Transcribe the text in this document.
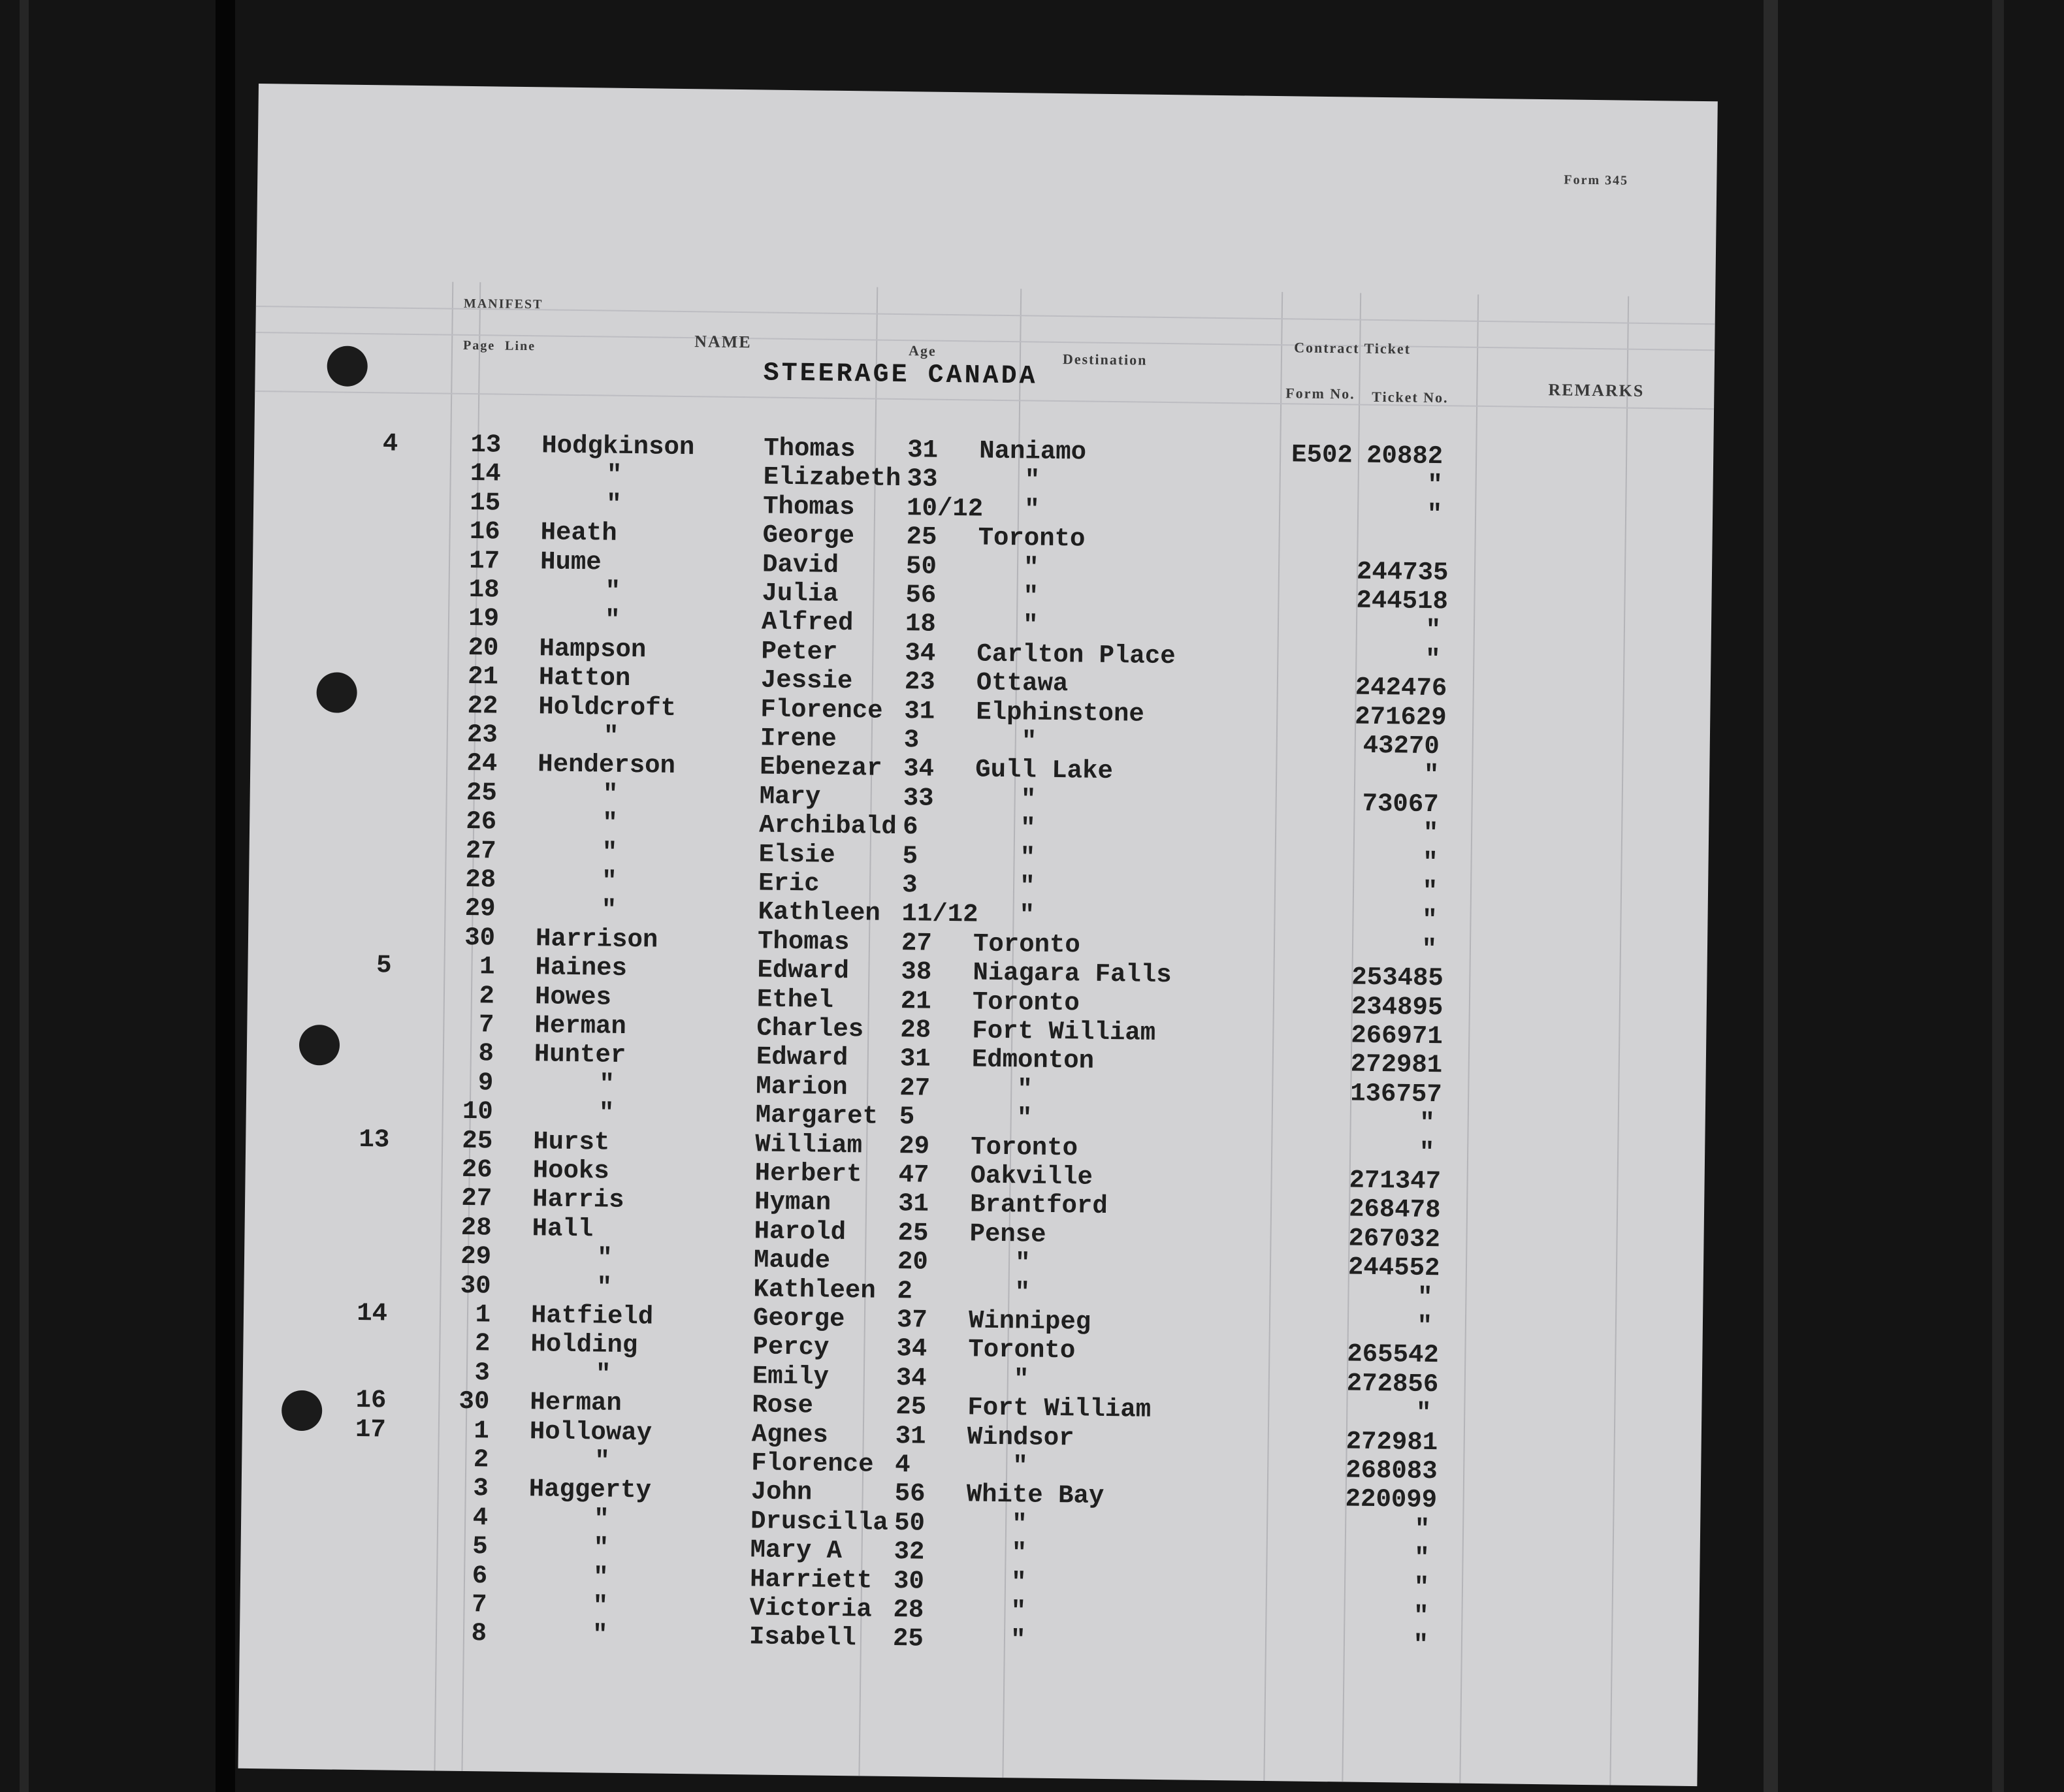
Form 345
MANIFEST
Page Line	NAME	Age
Destination
Contract Ticket
Form No. Ticket No.	REMARKS
STEERAGE CANADA
4	13 Hodgkinson	Thomas 31 Naniamo	E502 20882
14	"	Elizabeth 33	"	"
15	"	Thomas 10/12 "	"
16 Heath	George 25 Toronto
17 Hume	David	50	"	244735
18	"	Julia	56	"	244518
19	"	Alfred 18	"	"
20 Hampson	Peter	34 Carlton Place	"
21 Hatton	Jessie 23 Ottawa	242476
22 Holdcroft	Florence 31 Elphinstone	271629
23	"	Irene	3	"	43270
24 Henderson	Ebenezar 34 Gull Lake	"
25	"	Mary	33	"	73067
26	"	Archibald 6	"	"
27	"	Elsie	5	"	"
28	"	Eric	3	"	"
29	"	Kathleen 11/12 "	"
30 Harrison	Thomas 27 Toronto	"
5	1 Haines	Edward 38 Niagara Falls	253485
2 Howes	Ethel	21 Toronto	234895
7 Herman	Charles 28 Fort William	266971
8 Hunter	Edward 31 Edmonton	272981
9	"	Marion 27	"	136757
10	"	Margaret 5	"	"
13	25 Hurst	William 29 Toronto	"
26 Hooks	Herbert 47 Oakville	271347
27 Harris	Hyman	31 Brantford	268478
28 Hall	Harold 25 Pense	267032
29	"	Maude	20	"	244552
30	"	Kathleen 2	"	"
14	1 Hatfield	George 37 Winnipeg	"
2 Holding	Percy	34 Toronto	265542
3	"	Emily	34	"	272856
16	30 Herman	Rose	25 Fort William	"
17	1 Holloway	Agnes	31 Windsor	272981
2	"	Florence 4	"	268083
3 Haggerty	John	56 White Bay	220099
4	"	Druscilla 50	"	"
5	"	Mary A 32	"	"
6	"	Harriett 30	"	"
7	"	Victoria 28	"	"
8	"	Isabell 25	"	"
